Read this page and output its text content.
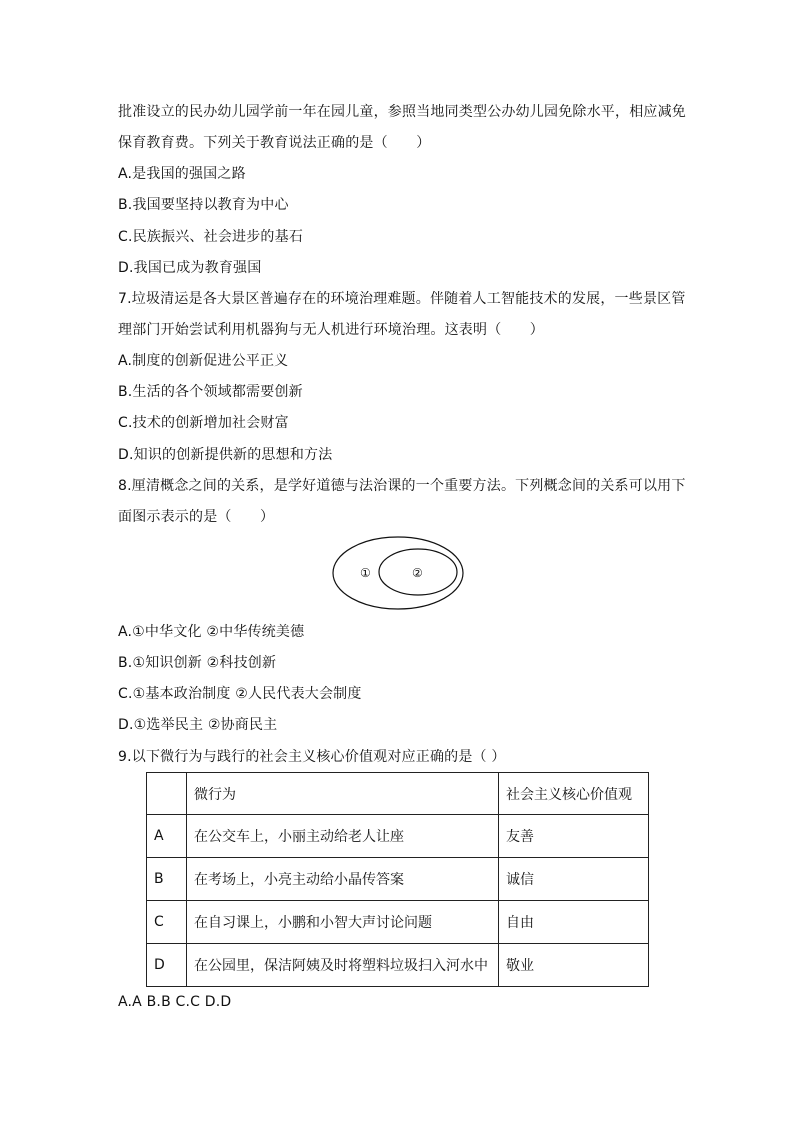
批准设立的民办幼儿园学前一年在园儿童，参照当地同类型公办幼儿园免除水平，相应减免
保育教育费。下列关于教育说法正确的是（　　）
A.是我国的强国之路
B.我国要坚持以教育为中心
C.民族振兴、社会进步的基石
D.我国已成为教育强国
7.垃圾清运是各大景区普遍存在的环境治理难题。伴随着人工智能技术的发展，一些景区管
理部门开始尝试利用机器狗与无人机进行环境治理。这表明（　　）
A.制度的创新促进公平正义
B.生活的各个领域都需要创新
C.技术的创新增加社会财富
D.知识的创新提供新的思想和方法
8.厘清概念之间的关系，是学好道德与法治课的一个重要方法。下列概念间的关系可以用下
面图示表示的是（　　）
①	②
A.①中华文化 ②中华传统美德
B.①知识创新 ②科技创新
C.①基本政治制度 ②人民代表大会制度
D.①选举民主 ②协商民主
9.以下微行为与践行的社会主义核心价值观对应正确的是（ ）
	微行为	社会主义核心价值观
A	在公交车上，小丽主动给老人让座	友善
B	在考场上，小亮主动给小晶传答案	诚信
C	在自习课上，小鹏和小智大声讨论问题	自由
D	在公园里，保洁阿姨及时将塑料垃圾扫入河水中	敬业
A.A B.B C.C D.D
